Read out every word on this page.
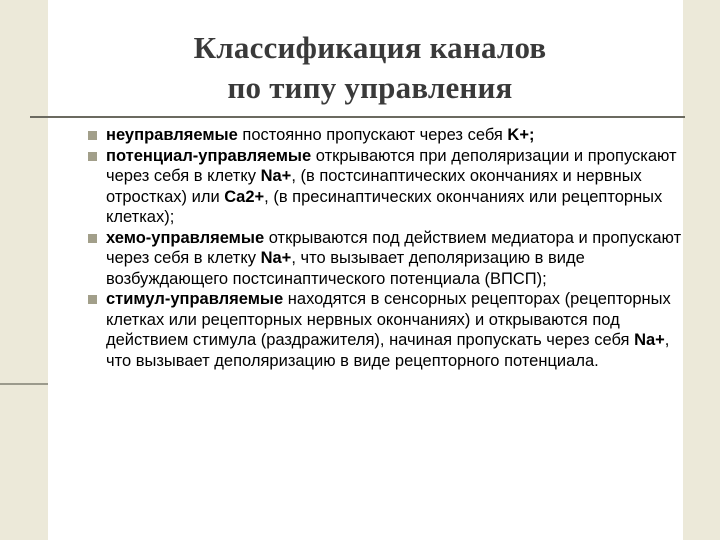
Классификация каналов
по типу управления
неуправляемые постоянно пропускают через себя K+;
потенциал-управляемые открываются при деполяризации и пропускают через себя в клетку Na+, (в постсинаптических окончаниях и нервных отростках) или Ca2+, (в пресинаптических окончаниях или рецепторных клетках);
хемо-управляемые открываются под действием медиатора и пропускают через себя в клетку Na+, что вызывает деполяризацию в виде возбуждающего постсинаптического потенциала (ВПСП);
стимул-управляемые находятся в сенсорных рецепторах (рецепторных клетках или рецепторных нервных окончаниях) и открываются под действием стимула (раздражителя), начиная пропускать через себя Na+, что вызывает деполяризацию в виде рецепторного потенциала.
